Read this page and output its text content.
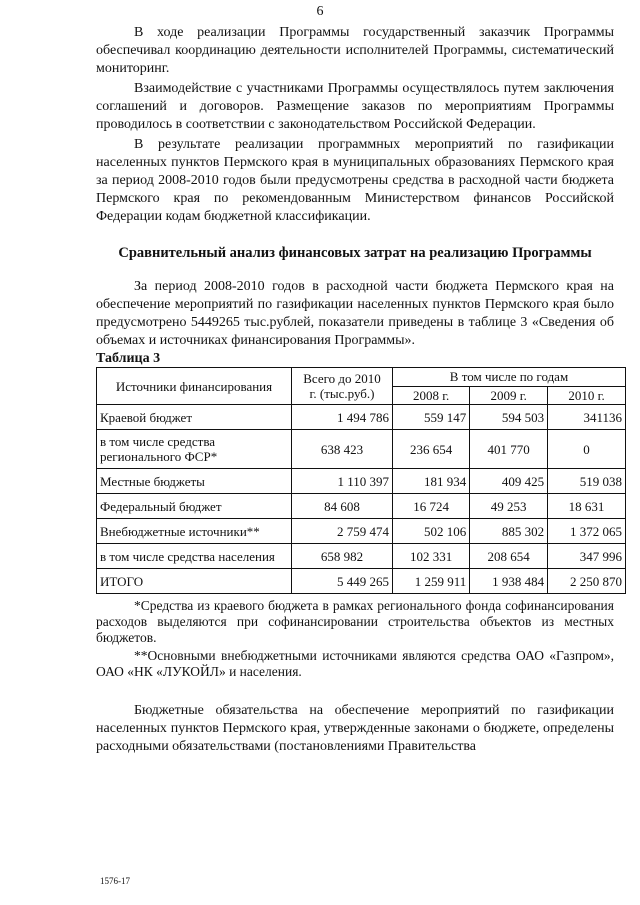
6

В ходе реализации Программы государственный заказчик Программы обеспечивал координацию деятельности исполнителей Программы, систематический мониторинг.

Взаимодействие с участниками Программы осуществлялось путем заключения соглашений и договоров. Размещение заказов по мероприятиям Программы проводилось в соответствии с законодательством Российской Федерации.

В результате реализации программных мероприятий по газификации населенных пунктов Пермского края в муниципальных образованиях Пермского края за период 2008-2010 годов были предусмотрены средства в расходной части бюджета Пермского края по рекомендованным Министерством финансов Российской Федерации кодам бюджетной классификации.

Сравнительный анализ финансовых затрат на реализацию Программы

За период 2008-2010 годов в расходной части бюджета Пермского края на обеспечение мероприятий по газификации населенных пунктов Пермского края было предусмотрено 5449265 тыс.рублей, показатели приведены в таблице 3 «Сведения об объемах и источниках финансирования Программы».

Таблица 3
Источники финансирования	Всего до 2010 г. (тыс.руб.)	В том числе по годам		
		2008 г.	2009 г.	2010 г.
Краевой бюджет	1 494 786	559 147	594 503	341136
в том числе средства регионального ФСР*	638 423	236 654	401 770	0
Местные бюджеты	1 110 397	181 934	409 425	519 038
Федеральный бюджет	84 608	16 724	49 253	18 631
Внебюджетные источники**	2 759 474	502 106	885 302	1 372 065
в том числе средства населения	658 982	102 331	208 654	347 996
ИТОГО	5 449 265	1 259 911	1 938 484	2 250 870

*Средства из краевого бюджета в рамках регионального фонда софинансирования расходов выделяются при софинансировании строительства объектов из местных бюджетов.

**Основными внебюджетными источниками являются средства ОАО «Газпром», ОАО «НК «ЛУКОЙЛ» и населения.

Бюджетные обязательства на обеспечение мероприятий по газификации населенных пунктов Пермского края, утвержденные законами о бюджете, определены расходными обязательствами (постановлениями Правительства

1576-17
